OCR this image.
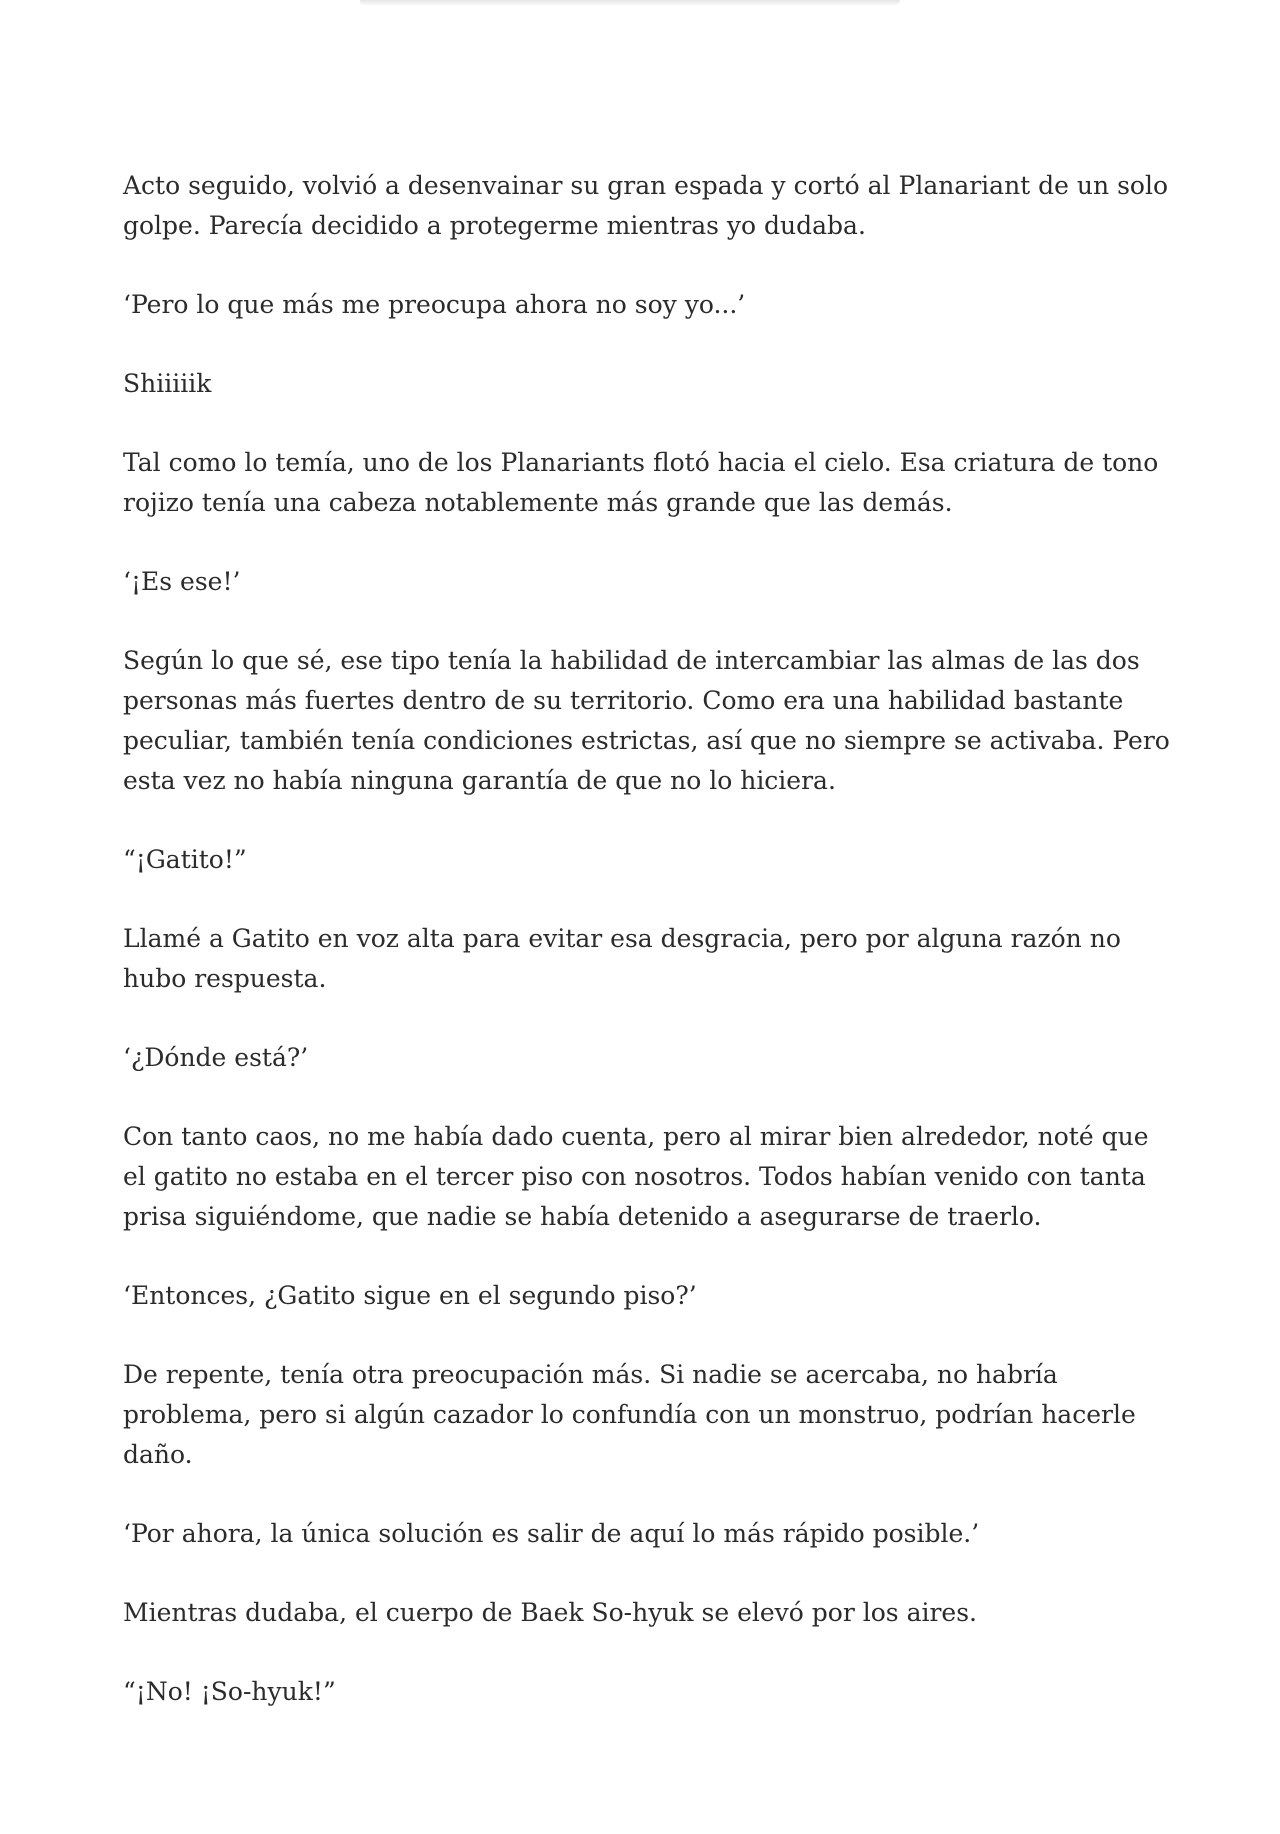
Acto seguido, volvió a desenvainar su gran espada y cortó al Planariant de un solo golpe. Parecía decidido a protegerme mientras yo dudaba.

‘Pero lo que más me preocupa ahora no soy yo...’

Shiiiiik

Tal como lo temía, uno de los Planariants flotó hacia el cielo. Esa criatura de tono rojizo tenía una cabeza notablemente más grande que las demás.

‘¡Es ese!’

Según lo que sé, ese tipo tenía la habilidad de intercambiar las almas de las dos personas más fuertes dentro de su territorio. Como era una habilidad bastante peculiar, también tenía condiciones estrictas, así que no siempre se activaba. Pero esta vez no había ninguna garantía de que no lo hiciera.

“¡Gatito!”

Llamé a Gatito en voz alta para evitar esa desgracia, pero por alguna razón no hubo respuesta.

‘¿Dónde está?’

Con tanto caos, no me había dado cuenta, pero al mirar bien alrededor, noté que el gatito no estaba en el tercer piso con nosotros. Todos habían venido con tanta prisa siguiéndome, que nadie se había detenido a asegurarse de traerlo.

‘Entonces, ¿Gatito sigue en el segundo piso?’

De repente, tenía otra preocupación más. Si nadie se acercaba, no habría problema, pero si algún cazador lo confundía con un monstruo, podrían hacerle daño.

‘Por ahora, la única solución es salir de aquí lo más rápido posible.’

Mientras dudaba, el cuerpo de Baek So-hyuk se elevó por los aires.

“¡No! ¡So-hyuk!”
